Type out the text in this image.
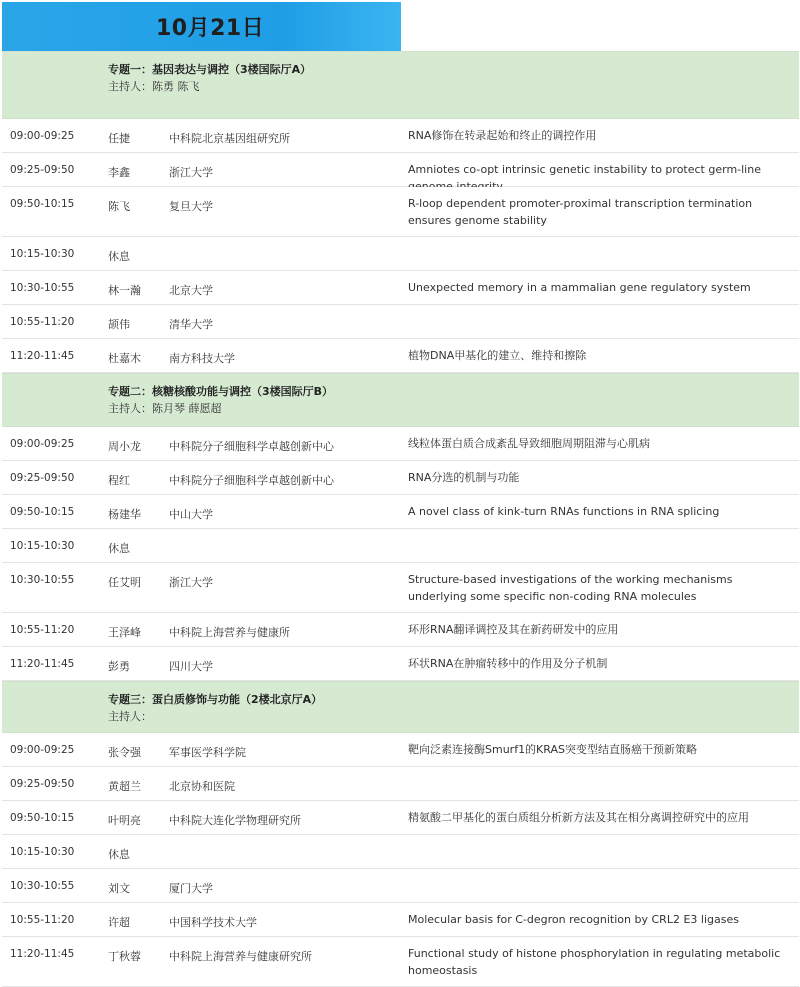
10月21日
专题一：基因表达与调控（3楼国际厅A）
主持人：陈勇 陈飞
09:00-09:25	任捷	中科院北京基因组研究所	RNA修饰在转录起始和终止的调控作用
09:25-09:50	李鑫	浙江大学	Amniotes co-opt intrinsic genetic instability to protect germ-line
09:50-10:15	陈飞	复旦大学	R-loop dependent promoter-proximal transcription termination ensures genome stability
10:15-10:30	休息
10:30-10:55	林一瀚	北京大学	Unexpected memory in a mammalian gene regulatory system
10:55-11:20	颉伟	清华大学
11:20-11:45	杜嘉木	南方科技大学	植物DNA甲基化的建立、维持和擦除
专题二：核糖核酸功能与调控（3楼国际厅B）
主持人：陈月琴 薛愿超
09:00-09:25	周小龙	中科院分子细胞科学卓越创新中心	线粒体蛋白质合成紊乱导致细胞周期阻滞与心肌病
09:25-09:50	程红	中科院分子细胞科学卓越创新中心	RNA分选的机制与功能
09:50-10:15	杨建华	中山大学	A novel class of kink-turn RNAs functions in RNA splicing
10:15-10:30	休息
10:30-10:55	任艾明	浙江大学	Structure-based investigations of the working mechanisms underlying some specific non-coding RNA molecules
10:55-11:20	王泽峰	中科院上海营养与健康所	环形RNA翻译调控及其在新药研发中的应用
11:20-11:45	彭勇	四川大学	环状RNA在肿瘤转移中的作用及分子机制
专题三：蛋白质修饰与功能（2楼北京厅A）
主持人：
09:00-09:25	张令强	军事医学科学院	靶向泛素连接酶Smurf1的KRAS突变型结直肠癌干预新策略
09:25-09:50	黄超兰	北京协和医院
09:50-10:15	叶明亮	中科院大连化学物理研究所	精氨酸二甲基化的蛋白质组分析新方法及其在相分离调控研究中的应用
10:15-10:30	休息
10:30-10:55	刘文	厦门大学
10:55-11:20	许超	中国科学技术大学	Molecular basis for C-degron recognition by CRL2 E3 ligases
11:20-11:45	丁秋蓉	中科院上海营养与健康研究所	Functional study of histone phosphorylation in regulating metabolic homeostasis
